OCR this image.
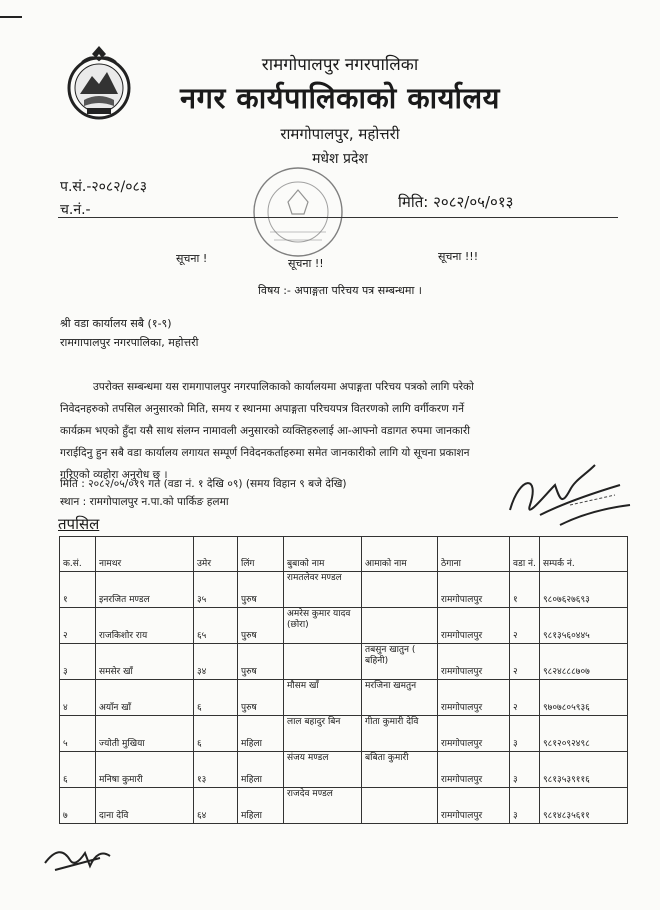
रामगोपालपुर नगरपालिका
नगर कार्यपालिकाको कार्यालय
रामगोपालपुर, महोत्तरी
मधेश प्रदेश
प.सं.-२०८२/०८३
च.नं.-	मिति: २०८२/०५/०१३
सूचना !	सूचना !!
सूचना !!!
विषय :- अपाङ्गता परिचय पत्र सम्बन्धमा ।
श्री वडा कार्यालय सबै (१-९)
रामगापालपुर नगरपालिका, महोत्तरी
उपरोक्त सम्बन्धमा यस रामगापालपुर नगरपालिकाको कार्यालयमा अपाङ्गता परिचय पत्रको लागि परेको
निवेदनहरुको तपसिल अनुसारको मिति, समय र स्थानमा अपाङ्गता परिचयपत्र वितरणको लागि वर्गीकरण गर्ने
कार्यक्रम भएको हुँदा यसै साथ संलग्न नामावली अनुसारको व्यक्तिहरुलाई आ-आफ्नो वडागत रुपमा जानकारी
गराईदिनु हुन सबै वडा कार्यालय लगायत सम्पूर्ण निवेदनकर्ताहरुमा समेत जानकारीको लागि यो सूचना प्रकाशन
गरिएको व्यहोरा अनुरोध छ ।
मिति : २०८२/०५/०१९ गते (वडा नं. १ देखि ०९) (समय विहान ९ बजे देखि)
स्थान : रामगोपालपुर न.पा.को पार्किङ हलमा
तपसिल
क.सं.	नामथर	उमेर	लिंग	बुबाको नाम	आमाको नाम	ठेगाना	वडा नं.	सम्पर्क नं.
१	इनरजित मण्डल	३५	पुरुष	रामतलेवर मण्डल		रामगोपालपुर	१	९८०७६२७६९३
२	राजकिशोर राय	६५	पुरुष	अमरेस कुमार यादव (छोरा)		रामगोपालपुर	२	९८१३५६०४४५
३	समसेर खाँ	३४	पुरुष		तबसुन खातुन ( बहिनी)	रामगोपालपुर	२	९८२४८८८७०७
४	अयाँन खाँ	६	पुरुष	मौसम खाँ	मरजिना खमतुन	रामगोपालपुर	२	९७०७८०५९३६
५	ज्योती मुखिया	६	महिला	लाल बहादुर बिन	गीता कुमारी देवि	रामगोपालपुर	३	९८१२०९२४९८
६	मनिषा कुमारी	१३	महिला	संजय मण्डल	बबिता कुमारी	रामगोपालपुर	३	९८१३५३९११६
७	दाना देवि	६४	महिला	राजदेव मण्डल		रामगोपालपुर	३	९८१४८३५६११
